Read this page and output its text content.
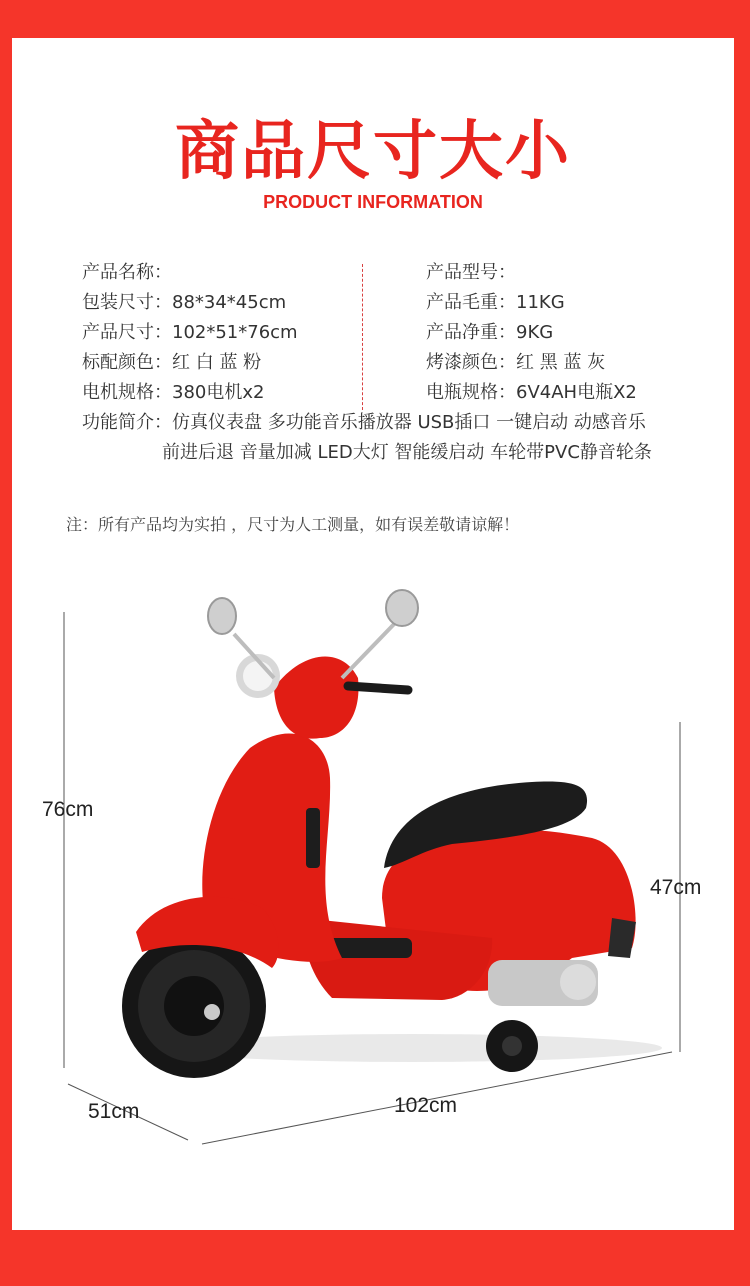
商品尺寸大小
PRODUCT INFORMATION
产品名称：
包装尺寸：88*34*45cm
产品尺寸：102*51*76cm
标配颜色：红 白 蓝 粉
电机规格：380电机x2
产品型号：
产品毛重：11KG
产品净重：9KG
烤漆颜色：红 黑 蓝 灰
电瓶规格：6V4AH电瓶X2
功能简介：仿真仪表盘 多功能音乐播放器 USB插口 一键启动 动感音乐
前进后退 音量加减 LED大灯 智能缓启动 车轮带PVC静音轮条
注：所有产品均为实拍 ，尺寸为人工测量，如有误差敬请谅解！
76cm
47cm
51cm	102cm
